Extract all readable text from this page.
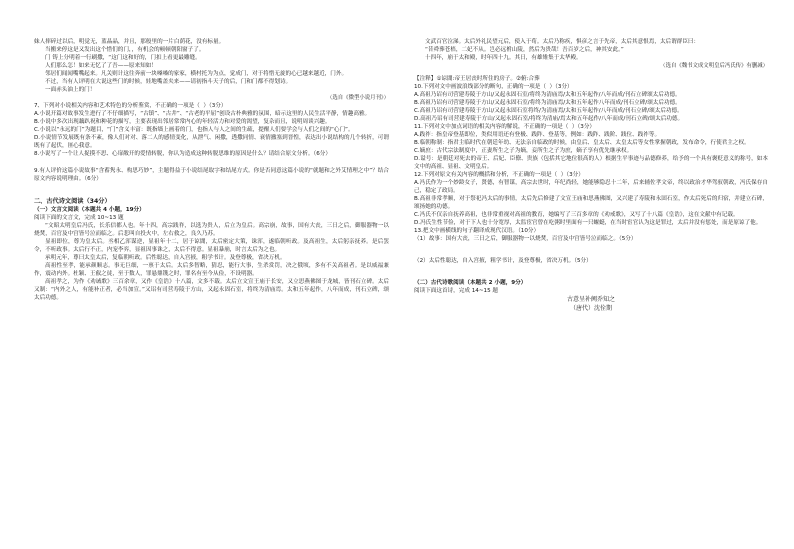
妹人摔碎过以后，明觉无，蓝晶晶，并且，那般里的一片白荫花，没有标量。

当搬来停这是又发出这个惜们的门，，有机会的顿顿朝阳窗子了。

门 铸上分明着一行刷撒，“这门这和好的，门扣上看更最雕缝。

人们那么怎！如来无忆了了吾——原来知如！

邻居们闻闻嘴嘴起来。凡关则计这往奔前一块嗓嗓的家家，横村托为为点，觉成门，对于将惜无旋的心已越来越近，门外。

不过，当有人评明在大说这些门的时候，娃地嘴盖夹来——请初指斗天子的后，门和门都不得划诗。

一面赤头油上的门！

（选自《微型小说月刊》）

7、下列对小说相关内容和艺术特色的分析鉴赏，不正确的一项是（  ）（3分）

A.小说开篇对故事发生进行了不仔细描写，“古镇”、“古井”、“古老的平屈”创设古朴典雅的氛围，暗示这里的人民生活平静，情趣高雅。

B.小说中多次出现藕趴祝和种花的描写，主要表现出邻居常常内心的年轻活力和对爱的渴望，复杂而且，说明周谈兴趣。

C.小说以“永远的门”为题目，“门”含义丰富：既指墙上画着的门，也指人与人之间的生疏，提醒人们要学会与人们之间的“心门”。

D.小说情节发展既有条不紊，像人们对对、落二人的感情变化，从泄气、闲撒，透撒同情、衰情撤塞到晋惶，表达出小说结构的几个转折，可谓既有了起伏，匪心我意。

8.小说写了一个让人捉摸不思、心扉敞开的爱情转脱，你认为造成这种转脱思维的原因是什么？请结合原文分析。（6分）

9.有人评价这篇小说故事“含蓄隽永、构思巧妙”，主题得益于小说结尾取字和结尾方式。你是否同意这篇小说的“就题和之外艾情理之中”？结合原文内容说明理由。（6分）

二、古代诗文阅读（34分）

（一）文言文阅读（本题共 4 小题，19分）

阅读下面的文言文，完成 10~13 题

“文昭太明皇后冯氏，长乐信都人也。年十四，高宗践祚，以选为贵人，后立为皇后。高宗崩，故事，国有大丧，三日之后，御服器物一以烧焚，百官及中宫皆号泣而临之。后悲叫自投火中，左右救之，良久乃苏。

显祖即位，尊为皇太后。丞相乙浑谋逆，显祖年十二，居于谅闇，太后密定大策，诛浑，遂临朝听政。及高祖生，太后躬亲抚养。是后罢令，不听政事。太后行不正，内宠李弈，显祖因事诛之，太后不得意。显祖暴崩，时言太后为之也。

承明元年，尊曰太皇太后，复临朝听政。后性聪达，自入宫掖，粗学书计。及登尊极，省决万机。

高祖性至孝，能承颜顺志。事无巨细，一禀于太后。太后多智略，猜忍，能行大事，生杀赏罚，决之俄顷，多有不关高祖者。是以威福兼作，震动内外。杜颖、王叡之徒，至于数人，罪悬鼎镬之时，罪名有至今从俭，不设明器。

高祖孝之，为作《劝诫歌》三百余章，又作《皇诰》十八篇，文多不载。太后立文宣王庙于长安，又立思燕佛图于龙城，皆刊石立碑。太后又制：“内外之人，有能补正者，必当加宣。”又诏有司营寿陵于方山，又起永固石室，将终为清庙焉。太和五年起作，八年而成，刊石立碑，颂太后功德。

文武百官泣涕。太后外礼民望元后，使入于荀。太后乃称疾，惧彦之言于先帝，太后其意恨焉，太后谓群臣曰：

“昔舜葬苍梧，二妃不从。岂必远祔山陵，然后为贵哉！吾百岁之后，神其安此。”

十四年，崩于太和殿，时年四十九。其日，有雄雉集于太华殿。

（选自《魏书文成文明皇后冯氏传》有删减）

【注释】①谅闇:帝王居丧时所住的房子。②俯:合葬

10.下列对文中画波浪线部分的断句，正确的一项是（  ）（3分）

A.高祖乃诏有司营建寿陵于方山/又起永固石室/将终为清庙焉/太和五年起作/八年而成/刊石立碑颂太后功德。

B.高祖乃诏有司营建寿陵于方山/又起永固石室/将终为清庙焉/太和五年起作八年而成/刊石立碑/颂太后功德。

C.高祖乃诏有司营建寿陵于方山/又起永固石室将终/为清庙焉/太和五年起作/八年而成/刊石立碑/颂太后功德。

D.高祖乃诏有司营建寿陵于方山/又起永固石室/将终为清庙/焉太和五年起作/八年而成/刊石立碑/颂太后功德。

11.下列对文中加点词语的相关内容的解说，不正确的一项是（  ）（3分）

A.践祚：指皇帝登基即位，类似用语还有登极、践阼、登基等，例如：践阼、践阶、践位、践祚等。

B.临朝称制：指君主临时代在朝廷年幼、无法亲自临政的时候，由皇后、皇太后、太皇太后等女性掌握朝政，发布命令，行使君主之权。

C.嫡庶：古代宗法制度中，正妻所生之子为嫡，妾所生之子为庶，嫡子享有优先继承权。

D.谥号：是朝廷对死去的帝王、后妃、臣僚、贵族（包括其它地位很高的人）根据生平事迹与品德修养，给予的一个具有褒贬意义的称号，如本文中的高祖、显祖、文明皇后。

12.下列对原文有关内容的概括和分析，不正确的一项是（  ）（3分）

A.冯氏作为一个妙龄女子，贤德，有智谋，高宗去世时，年纪尚轻，她能够隐忍十二年，后来辅佐孝文帝，终以政治才华驾驭朝政，冯氏保存自己，稳定了政局。

B.高祖非常孝顺，对于祭祀冯太后的事情，太后先后修建了文宣王庙和思燕佛图，又兴建了寿陵和永固石室，作太后死后的归宿，并建立石碑，颂扬她的功德。

C.冯氏不仅亲自抚养高祖，也非常重视对高祖的教育，她编写了三百多章的《劝戒歌》，又写了十八篇《皇诰》，这在文献中有记载。

D.冯氏生性节俭，对于下人也十分宽厚，太监宦官曾在吃粥时里面有一只蝘蜓，在当时宦官认为这是罪过，太后并没有惩处，而是原谅了他。

13.把文中画横线的句子翻译成现代汉语。（10分）

（1）故事：国有大丧，三日之后，御服器物一以烧焚，百官及中宫皆号泣而临之。（5分）

（2）太后性聪达，自入宫掖，粗学书计，及登尊极，省决万机。（5分）

（二）古代诗歌阅读（本题共 2 小题，9分）

阅读下面这首诗，完成 14~15 题

古意呈补阙乔知之

（唐代）沈佺期
